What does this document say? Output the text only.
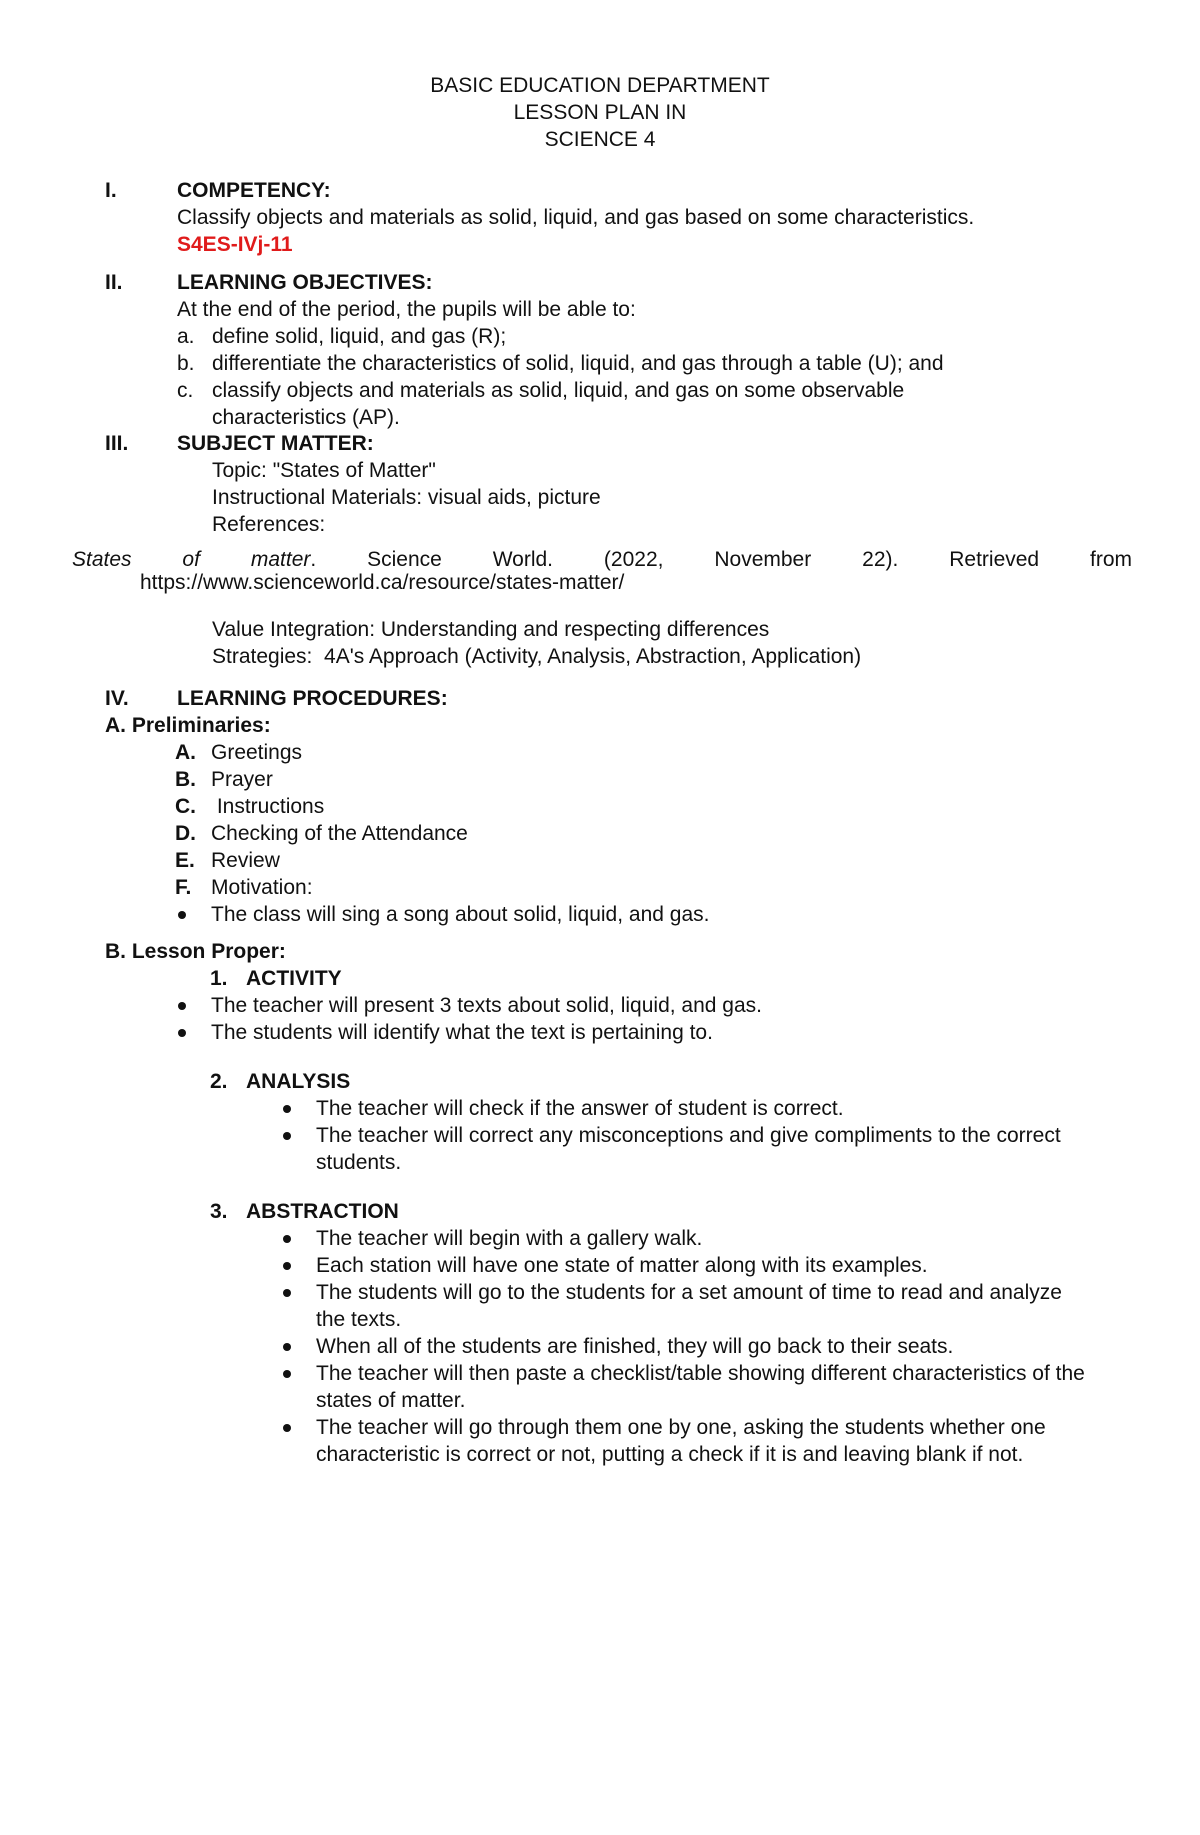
BASIC EDUCATION DEPARTMENT
LESSON PLAN IN
SCIENCE 4
I.	COMPETENCY:
Classify objects and materials as solid, liquid, and gas based on some characteristics.
S4ES-IVj-11
II.	LEARNING OBJECTIVES:
At the end of the period, the pupils will be able to:
a. define solid, liquid, and gas (R);
b. differentiate the characteristics of solid, liquid, and gas through a table (U); and
c. classify objects and materials as solid, liquid, and gas on some observable characteristics (AP).
III.	SUBJECT MATTER:
Topic: "States of Matter"
Instructional Materials: visual aids, picture
References:
States of matter. Science World. (2022, November 22). Retrieved from
https://www.scienceworld.ca/resource/states-matter/
Value Integration: Understanding and respecting differences
Strategies:  4A's Approach (Activity, Analysis, Abstraction, Application)
IV.	LEARNING PROCEDURES:
A. Preliminaries:
A. Greetings
B. Prayer
C. Instructions
D. Checking of the Attendance
E. Review
F. Motivation:
The class will sing a song about solid, liquid, and gas.
B. Lesson Proper:
1. ACTIVITY
The teacher will present 3 texts about solid, liquid, and gas.
The students will identify what the text is pertaining to.
2. ANALYSIS
The teacher will check if the answer of student is correct.
The teacher will correct any misconceptions and give compliments to the correct students.
3. ABSTRACTION
The teacher will begin with a gallery walk.
Each station will have one state of matter along with its examples.
The students will go to the students for a set amount of time to read and analyze the texts.
When all of the students are finished, they will go back to their seats.
The teacher will then paste a checklist/table showing different characteristics of the states of matter.
The teacher will go through them one by one, asking the students whether one characteristic is correct or not, putting a check if it is and leaving blank if not.
